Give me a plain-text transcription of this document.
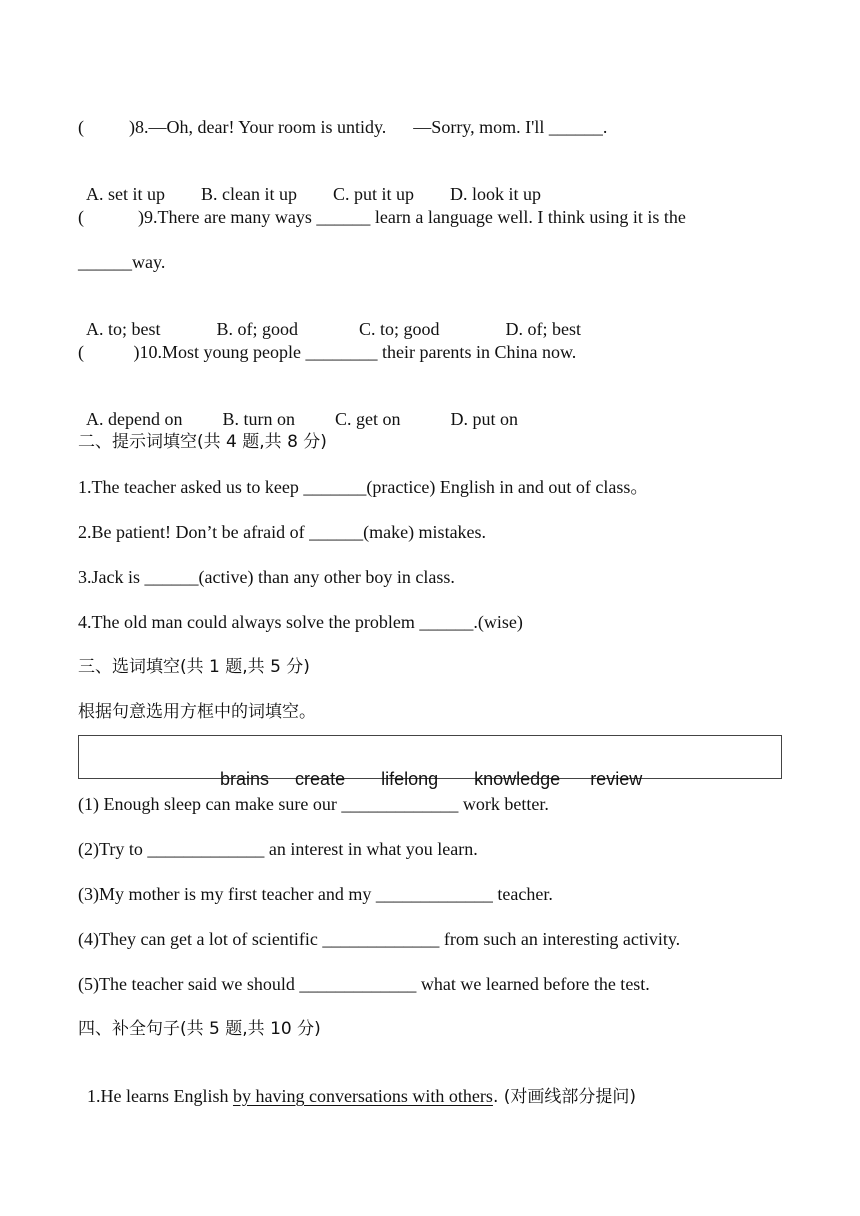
(          )8.—Oh, dear! Your room is untidy.      —Sorry, mom. I'll ______.

A. set it up B. clean it up C. put it up D. look it up

(            )9.There are many ways ______ learn a language well. I think using it is the
______way.

A. to; best	B. of; good	C. to; good	D. of; best

(           )10.Most young people ________ their parents in China now.

A. depend on B. turn on C. get on	D. put on

二、提示词填空(共 4 题,共 8 分)
1.The teacher asked us to keep _______(practice) English in and out of class。
2.Be patient! Don’t be afraid of ______(make) mistakes.
3.Jack is ______(active) than any other boy in class.
4.The old man could always solve the problem ______.(wise)
三、选词填空(共 1 题,共 5 分)
根据句意选用方框中的词填空。

brains create lifelong knowledge review

(1) Enough sleep can make sure our _____________ work better.
(2)Try to _____________ an interest in what you learn.
(3)My mother is my first teacher and my _____________ teacher.
(4)They can get a lot of scientific _____________ from such an interesting activity.
(5)The teacher said we should _____________ what we learned before the test.
四、补全句子(共 5 题,共 10 分)

1.He learns English by having conversations with others. (对画线部分提问)
